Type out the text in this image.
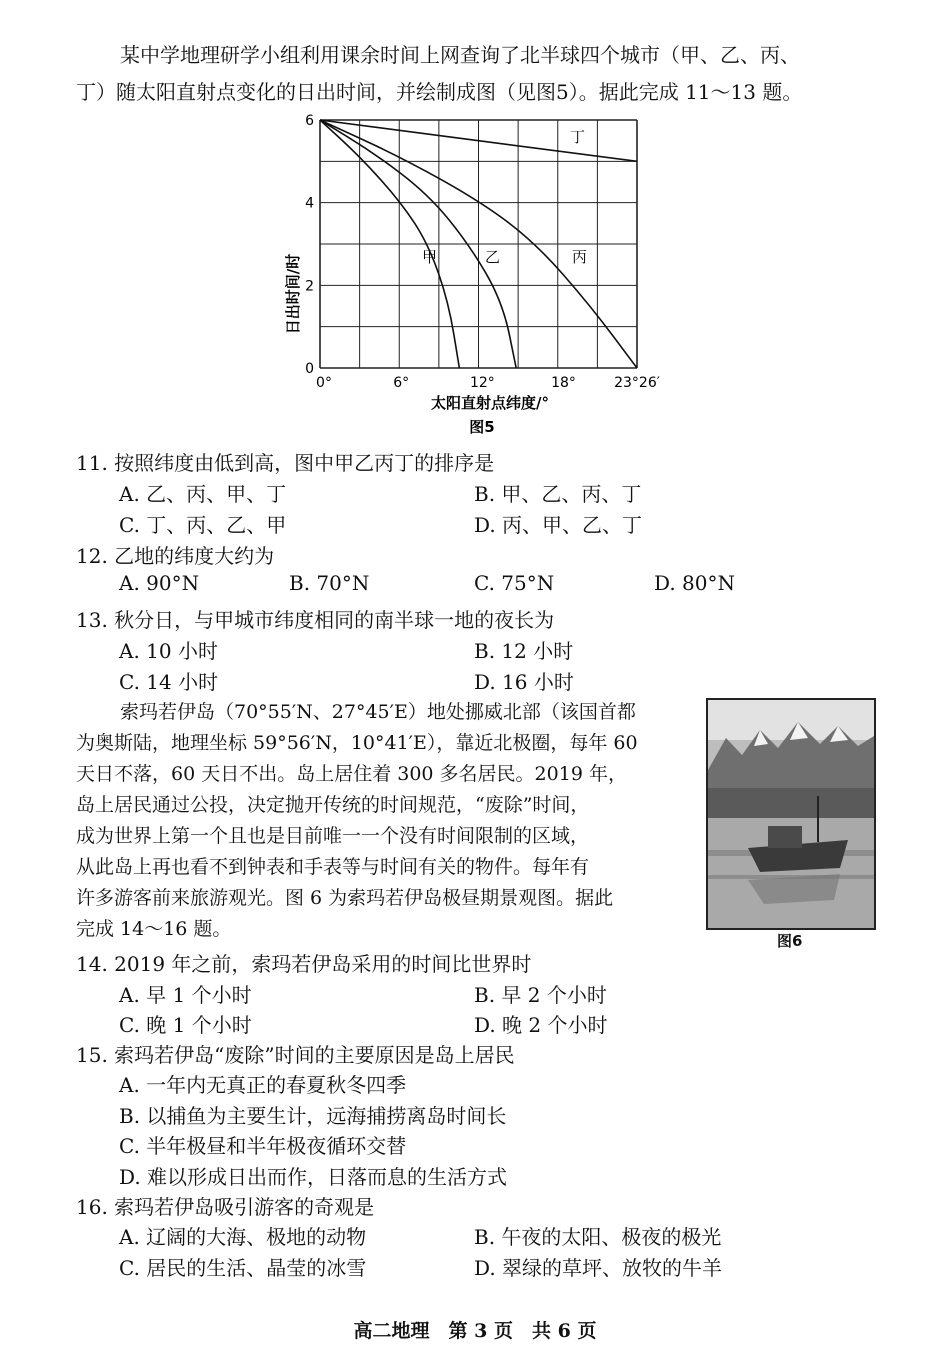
某中学地理研学小组利用课余时间上网查询了北半球四个城市（甲、乙、丙、
丁）随太阳直射点变化的日出时间，并绘制成图（见图5）。据此完成 11～13 题。
0
2
4
6
0°	6°	12°	18°	23°26′
日出时间/时
太阳直射点纬度/°
图5
甲	乙	丙
丁
11. 按照纬度由低到高，图中甲乙丙丁的排序是
A. 乙、丙、甲、丁	B. 甲、乙、丙、丁
C. 丁、丙、乙、甲	D. 丙、甲、乙、丁
12. 乙地的纬度大约为
A. 90°N	B. 70°N	C. 75°N	D. 80°N
13. 秋分日，与甲城市纬度相同的南半球一地的夜长为
A. 10 小时	B. 12 小时
C. 14 小时	D. 16 小时
索玛若伊岛（70°55′N、27°45′E）地处挪威北部（该国首都
为奥斯陆，地理坐标 59°56′N，10°41′E），靠近北极圈，每年 60
天日不落，60 天日不出。岛上居住着 300 多名居民。2019 年，
岛上居民通过公投，决定抛开传统的时间规范，“废除”时间，
成为世界上第一个且也是目前唯一一个没有时间限制的区域，
从此岛上再也看不到钟表和手表等与时间有关的物件。每年有
许多游客前来旅游观光。图 6 为索玛若伊岛极昼期景观图。据此
完成 14～16 题。
图6
14. 2019 年之前，索玛若伊岛采用的时间比世界时
A. 早 1 个小时	B. 早 2 个小时
C. 晚 1 个小时	D. 晚 2 个小时
15. 索玛若伊岛“废除”时间的主要原因是岛上居民
A. 一年内无真正的春夏秋冬四季
B. 以捕鱼为主要生计，远海捕捞离岛时间长
C. 半年极昼和半年极夜循环交替
D. 难以形成日出而作，日落而息的生活方式
16. 索玛若伊岛吸引游客的奇观是
A. 辽阔的大海、极地的动物	B. 午夜的太阳、极夜的极光
C. 居民的生活、晶莹的冰雪	D. 翠绿的草坪、放牧的牛羊
高二地理　第 3 页　共 6 页
